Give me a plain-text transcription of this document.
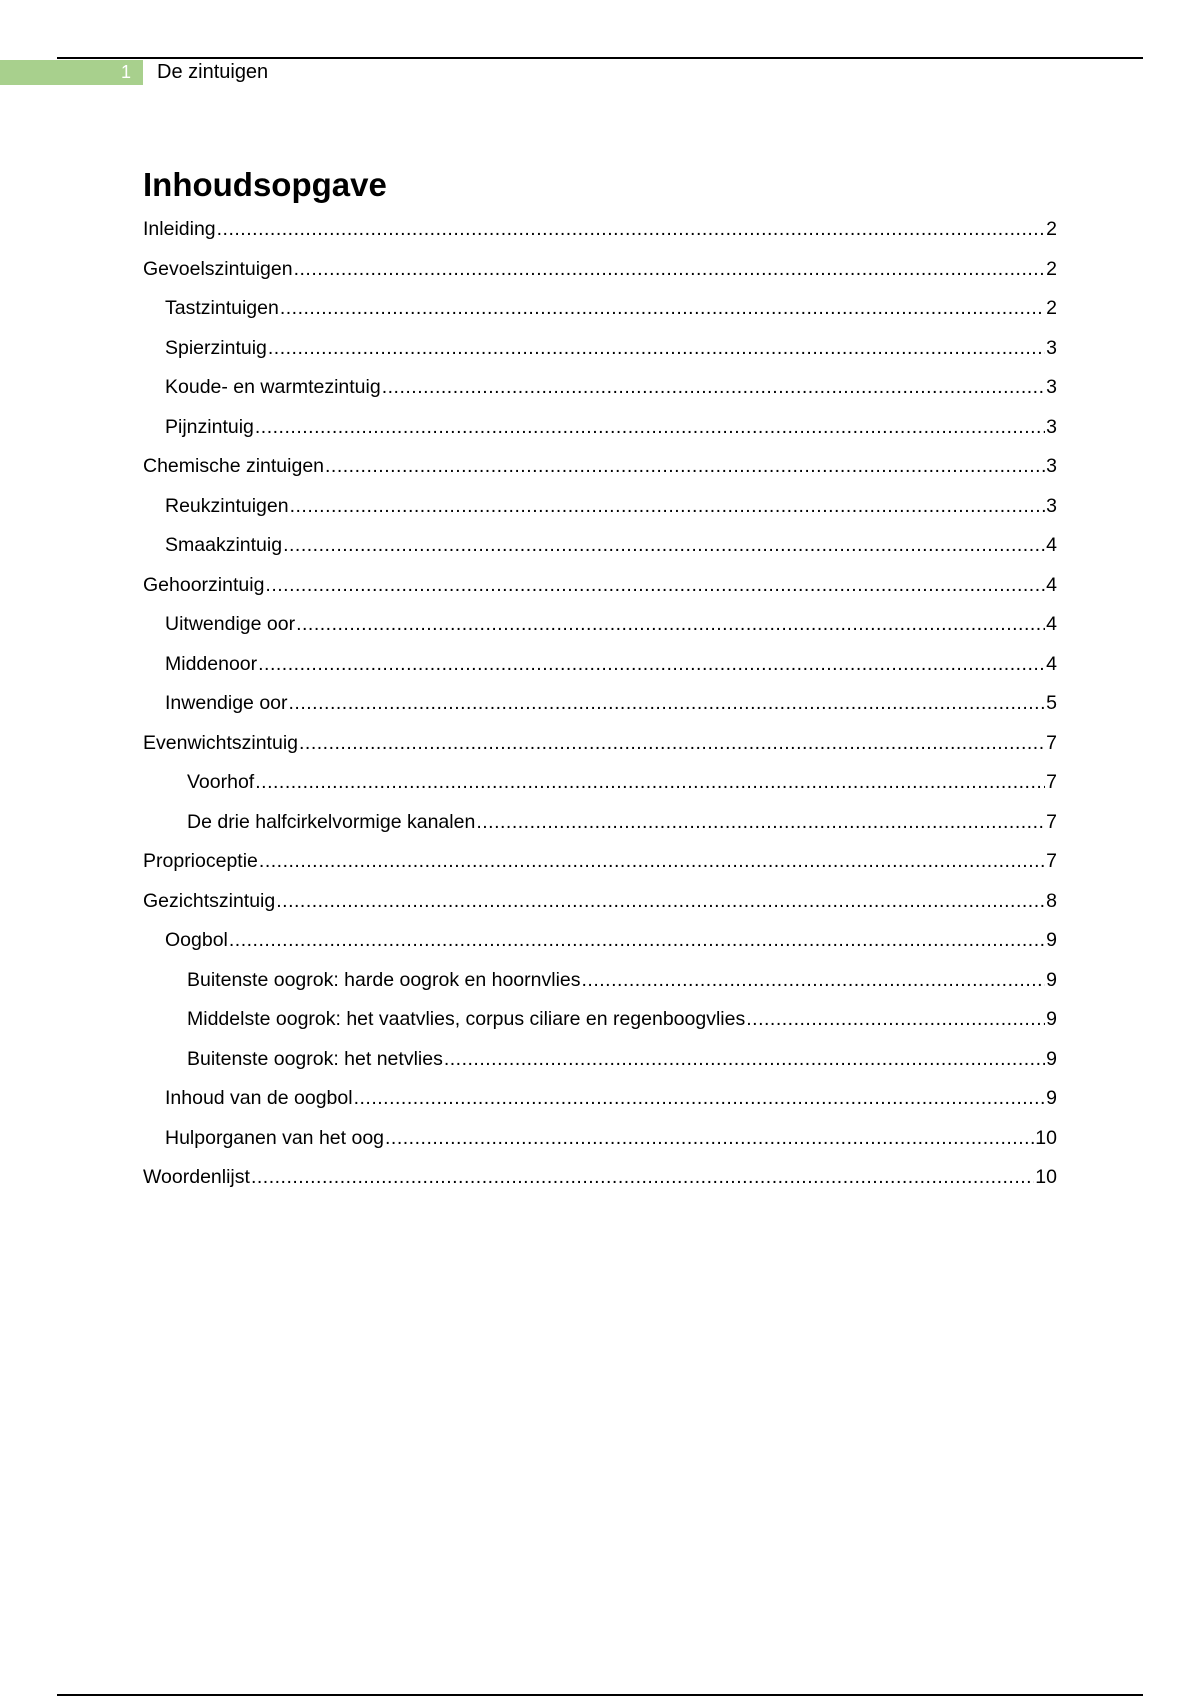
1 De zintuigen
Inhoudsopgave
Inleiding .....	2
Gevoelszintuigen .....	2
Tastzintuigen .....	2
Spierzintuig .....	3
Koude- en warmtezintuig .....	3
Pijnzintuig .....	3
Chemische zintuigen .....	3
Reukzintuigen .....	3
Smaakzintuig .....	4
Gehoorzintuig .....	4
Uitwendige oor .....	4
Middenoor .....	4
Inwendige oor .....	5
Evenwichtszintuig .....	7
Voorhof .....	7
De drie halfcirkelvormige kanalen .....	7
Proprioceptie .....	7
Gezichtszintuig .....	8
Oogbol .....	9
Buitenste oogrok: harde oogrok en hoornvlies .....	9
Middelste oogrok: het vaatvlies, corpus ciliare en regenboogvlies .....	9
Buitenste oogrok: het netvlies .....	9
Inhoud van de oogbol .....	9
Hulporganen van het oog .....	10
Woordenlijst .....	10
